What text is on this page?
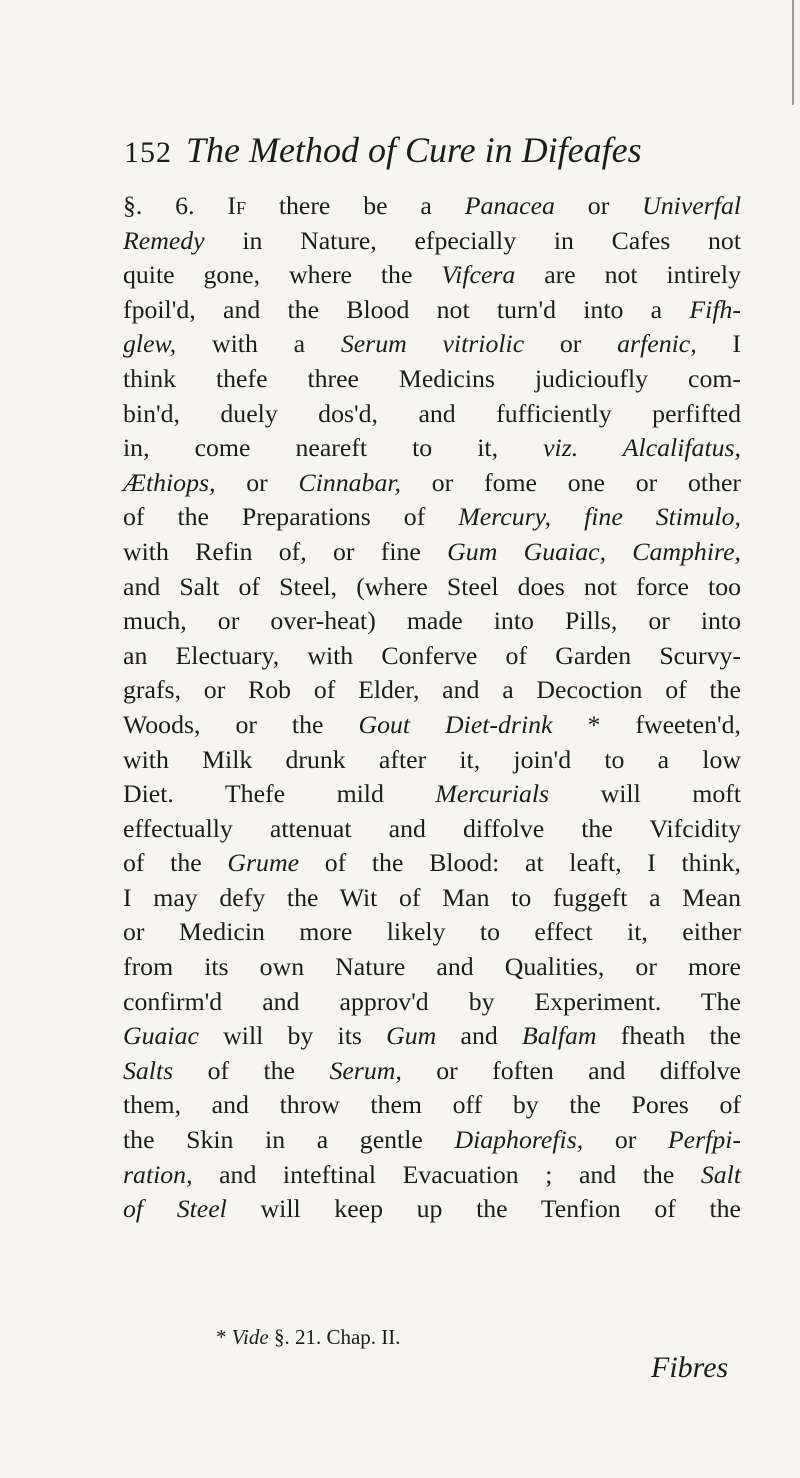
152 The Method of Cure in Difeafes
§. 6. If there be a Panacea or Univerfal
Remedy in Nature, efpecially in Cafes not
quite gone, where the Vifcera are not intirely
fpoil'd, and the Blood not turn'd into a Fifh-
glew, with a Serum vitriolic or arfenic, I
think thefe three Medicins judicioufly com-
bin'd, duely dos'd, and fufficiently perfifted
in, come neareft to it, viz. Alcalifatus,
Æthiops, or Cinnabar, or fome one or other
of the Preparations of Mercury, fine Stimulo,
with Refin of, or fine Gum Guaiac, Camphire,
and Salt of Steel, (where Steel does not force too
much, or over-heat) made into Pills, or into
an Electuary, with Conferve of Garden Scurvy-
grafs, or Rob of Elder, and a Decoction of the
Woods, or the Gout Diet-drink * fweeten'd,
with Milk drunk after it, join'd to a low
Diet. Thefe mild Mercurials will moft
effectually attenuat and diffolve the Vifcidity
of the Grume of the Blood: at leaft, I think,
I may defy the Wit of Man to fuggeft a Mean
or Medicin more likely to effect it, either
from its own Nature and Qualities, or more
confirm'd and approv'd by Experiment. The
Guaiac will by its Gum and Balfam fheath the
Salts of the Serum, or foften and diffolve
them, and throw them off by the Pores of
the Skin in a gentle Diaphorefis, or Perfpi-
ration, and inteftinal Evacuation ; and the Salt
of Steel will keep up the Tenfion of the
* Vide §. 21. Chap. II.
Fibres
